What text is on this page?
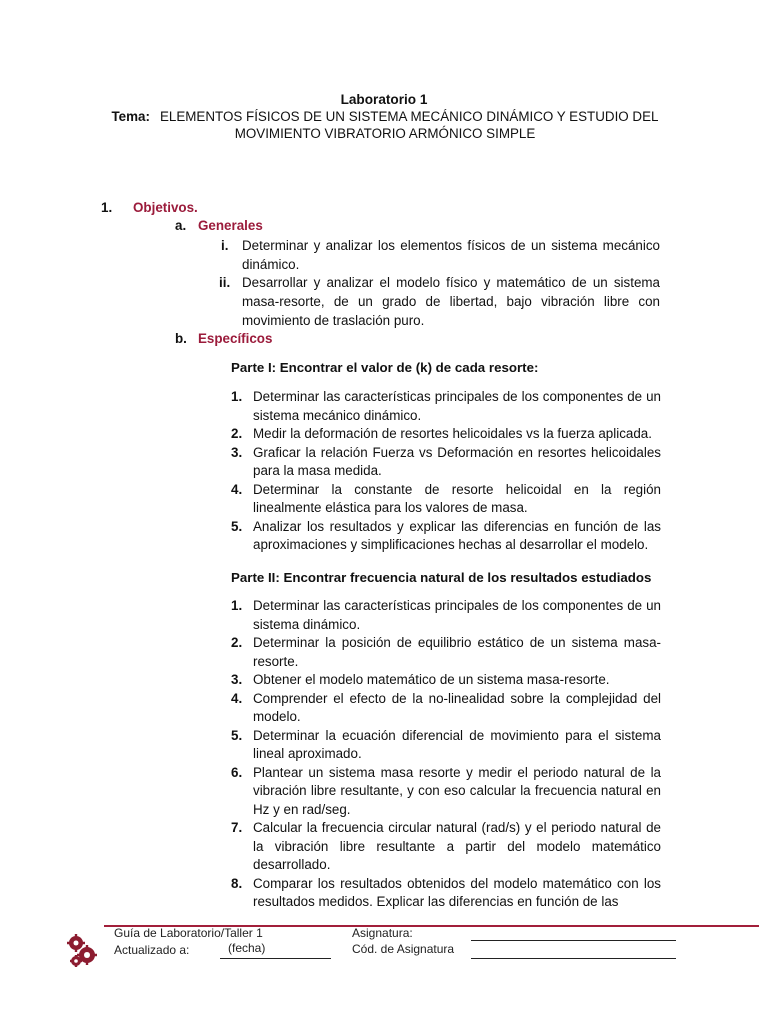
Laboratorio 1
Tema: ELEMENTOS FÍSICOS DE UN SISTEMA MECÁNICO DINÁMICO Y ESTUDIO DEL MOVIMIENTO VIBRATORIO ARMÓNICO SIMPLE
1. Objetivos.
a. Generales
i. Determinar y analizar los elementos físicos de un sistema mecánico dinámico.
ii. Desarrollar y analizar el modelo físico y matemático de un sistema masa-resorte, de un grado de libertad, bajo vibración libre con movimiento de traslación puro.
b. Específicos
Parte I: Encontrar el valor de (k) de cada resorte:
1. Determinar las características principales de los componentes de un sistema mecánico dinámico.
2. Medir la deformación de resortes helicoidales vs la fuerza aplicada.
3. Graficar la relación Fuerza vs Deformación en resortes helicoidales para la masa medida.
4. Determinar la constante de resorte helicoidal en la región linealmente elástica para los valores de masa.
5. Analizar los resultados y explicar las diferencias en función de las aproximaciones y simplificaciones hechas al desarrollar el modelo.
Parte II: Encontrar frecuencia natural de los resultados estudiados
1. Determinar las características principales de los componentes de un sistema dinámico.
2. Determinar la posición de equilibrio estático de un sistema masa-resorte.
3. Obtener el modelo matemático de un sistema masa-resorte.
4. Comprender el efecto de la no-linealidad sobre la complejidad del modelo.
5. Determinar la ecuación diferencial de movimiento para el sistema lineal aproximado.
6. Plantear un sistema masa resorte y medir el periodo natural de la vibración libre resultante, y con eso calcular la frecuencia natural en Hz y en rad/seg.
7. Calcular la frecuencia circular natural (rad/s) y el periodo natural de la vibración libre resultante a partir del modelo matemático desarrollado.
8. Comparar los resultados obtenidos del modelo matemático con los resultados medidos. Explicar las diferencias en función de las
Guía de Laboratorio/Taller 1
Actualizado a:	(fecha)
Asignatura:
Cód. de Asignatura
